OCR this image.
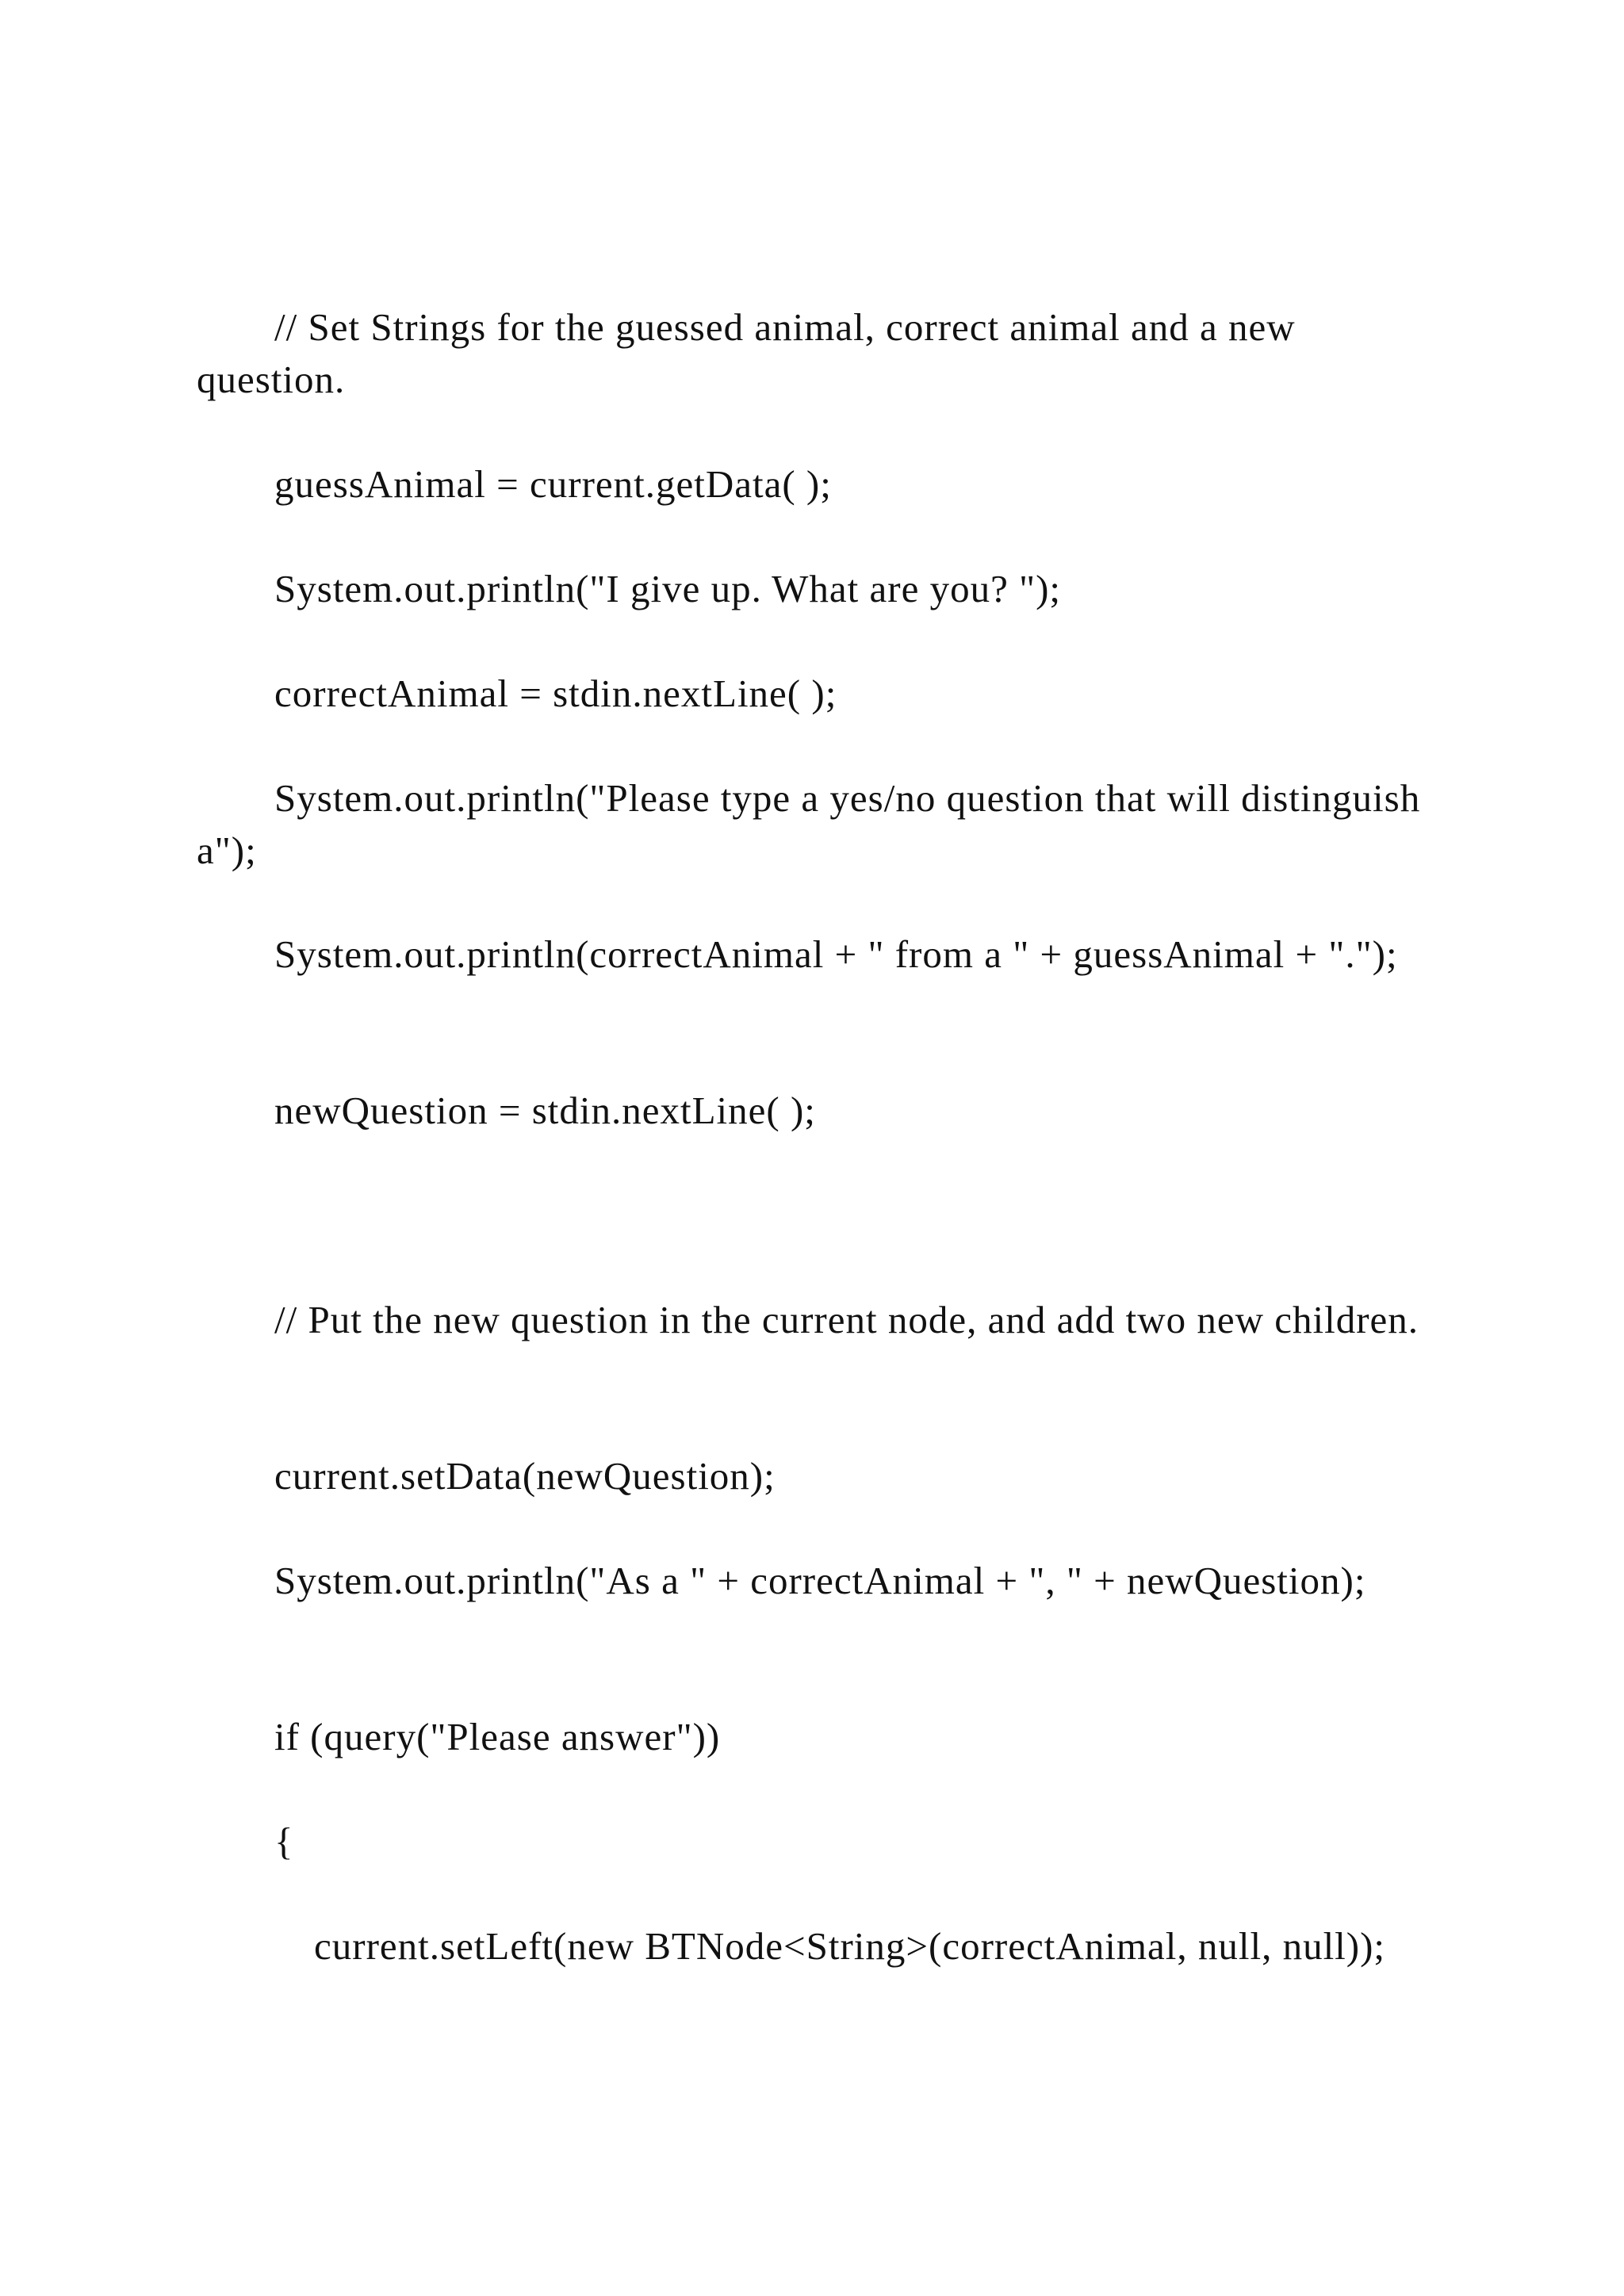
// Set Strings for the guessed animal, correct animal and a new question.

guessAnimal = current.getData( );

System.out.println("I give up. What are you? ");

correctAnimal = stdin.nextLine( );

System.out.println("Please type a yes/no question that will distinguish a");

System.out.println(correctAnimal + " from a " + guessAnimal + ".");

newQuestion = stdin.nextLine( );

// Put the new question in the current node, and add two new children.

current.setData(newQuestion);

System.out.println("As a " + correctAnimal + ", " + newQuestion);

if (query("Please answer"))

{

current.setLeft(new BTNode<String>(correctAnimal, null, null));
